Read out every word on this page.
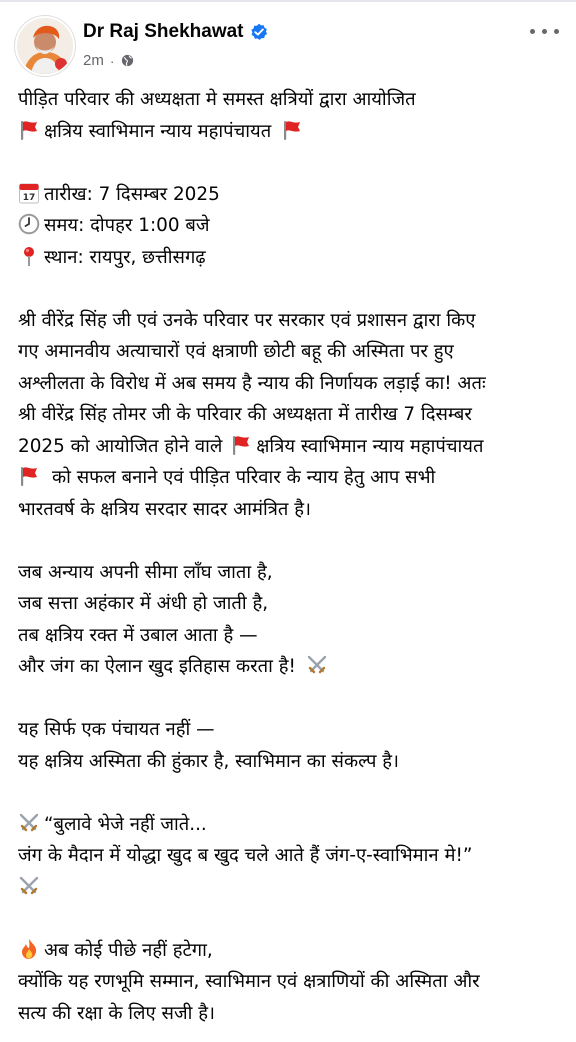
Dr Raj Shekhawat
2m ·
पीड़ित परिवार की अध्यक्षता मे समस्त क्षत्रियों द्वारा आयोजित
क्षत्रिय स्वाभिमान न्याय महापंचायत
17 तारीख: 7 दिसम्बर 2025
समय: दोपहर 1:00 बजे
स्थान: रायपुर, छत्तीसगढ़
श्री वीरेंद्र सिंह जी एवं उनके परिवार पर सरकार एवं प्रशासन द्वारा किए
गए अमानवीय अत्याचारों एवं क्षत्राणी छोटी बहू की अस्मिता पर हुए
अश्लीलता के विरोध में अब समय है न्याय की निर्णायक लड़ाई का! अतः
श्री वीरेंद्र सिंह तोमर जी के परिवार की अध्यक्षता में तारीख 7 दिसम्बर
2025 को आयोजित होने वाले क्षत्रिय स्वाभिमान न्याय महापंचायत
को सफल बनाने एवं पीड़ित परिवार के न्याय हेतु आप सभी
भारतवर्ष के क्षत्रिय सरदार सादर आमंत्रित है।
जब अन्याय अपनी सीमा लाँघ जाता है,
जब सत्ता अहंकार में अंधी हो जाती है,
तब क्षत्रिय रक्त में उबाल आता है —
और जंग का ऐलान खुद इतिहास करता है!
यह सिर्फ एक पंचायत नहीं —
यह क्षत्रिय अस्मिता की हुंकार है, स्वाभिमान का संकल्प है।
“बुलावे भेजे नहीं जाते...
जंग के मैदान में योद्धा खुद ब खुद चले आते हैं जंग-ए-स्वाभिमान मे!”
अब कोई पीछे नहीं हटेगा,
क्योंकि यह रणभूमि सम्मान, स्वाभिमान एवं क्षत्राणियों की अस्मिता और
सत्य की रक्षा के लिए सजी है।
